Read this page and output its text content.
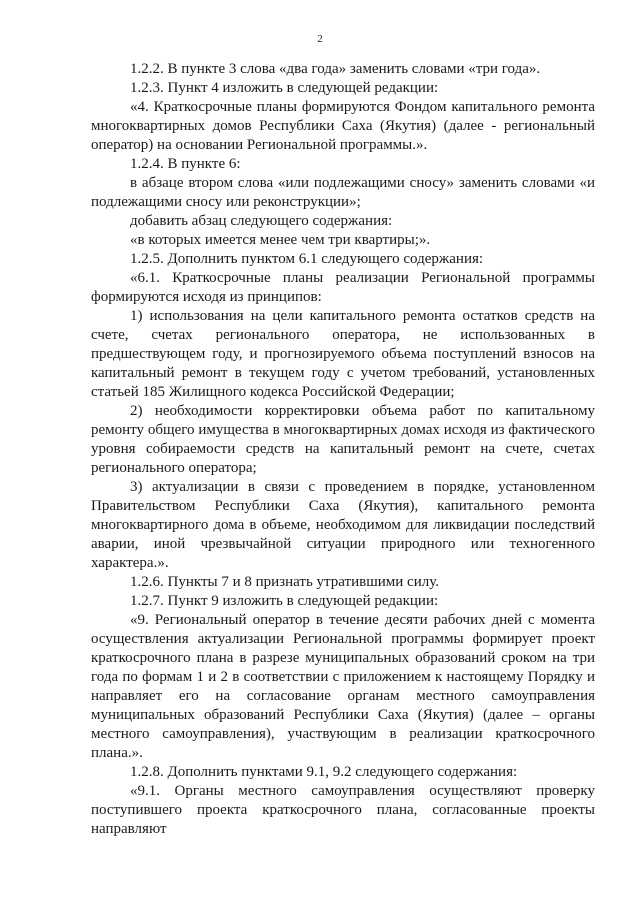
2

1.2.2. В пункте 3 слова «два года» заменить словами «три года».

1.2.3. Пункт 4 изложить в следующей редакции:

«4. Краткосрочные планы формируются Фондом капитального ремонта многоквартирных домов Республики Саха (Якутия) (далее - региональный оператор) на основании Региональной программы.».

1.2.4. В пункте 6:

в абзаце втором слова «или подлежащими сносу» заменить словами «и подлежащими сносу или реконструкции»;

добавить абзац следующего содержания:

«в которых имеется менее чем три квартиры;».

1.2.5. Дополнить пунктом 6.1 следующего содержания:

«6.1. Краткосрочные планы реализации Региональной программы формируются исходя из принципов:

1) использования на цели капитального ремонта остатков средств на счете, счетах регионального оператора, не использованных в предшествующем году, и прогнозируемого объема поступлений взносов на капитальный ремонт в текущем году с учетом требований, установленных статьей 185 Жилищного кодекса Российской Федерации;

2) необходимости корректировки объема работ по капитальному ремонту общего имущества в многоквартирных домах исходя из фактического уровня собираемости средств на капитальный ремонт на счете, счетах регионального оператора;

3) актуализации в связи с проведением в порядке, установленном Правительством Республики Саха (Якутия), капитального ремонта многоквартирного дома в объеме, необходимом для ликвидации последствий аварии, иной чрезвычайной ситуации природного или техногенного характера.».

1.2.6. Пункты 7 и 8 признать утратившими силу.

1.2.7. Пункт 9 изложить в следующей редакции:

«9. Региональный оператор в течение десяти рабочих дней с момента осуществления актуализации Региональной программы формирует проект краткосрочного плана в разрезе муниципальных образований сроком на три года по формам 1 и 2 в соответствии с приложением к настоящему Порядку и направляет его на согласование органам местного самоуправления муниципальных образований Республики Саха (Якутия) (далее – органы местного самоуправления), участвующим в реализации краткосрочного плана.».

1.2.8. Дополнить пунктами 9.1, 9.2 следующего содержания:

«9.1. Органы местного самоуправления осуществляют проверку поступившего проекта краткосрочного плана, согласованные проекты направляют
